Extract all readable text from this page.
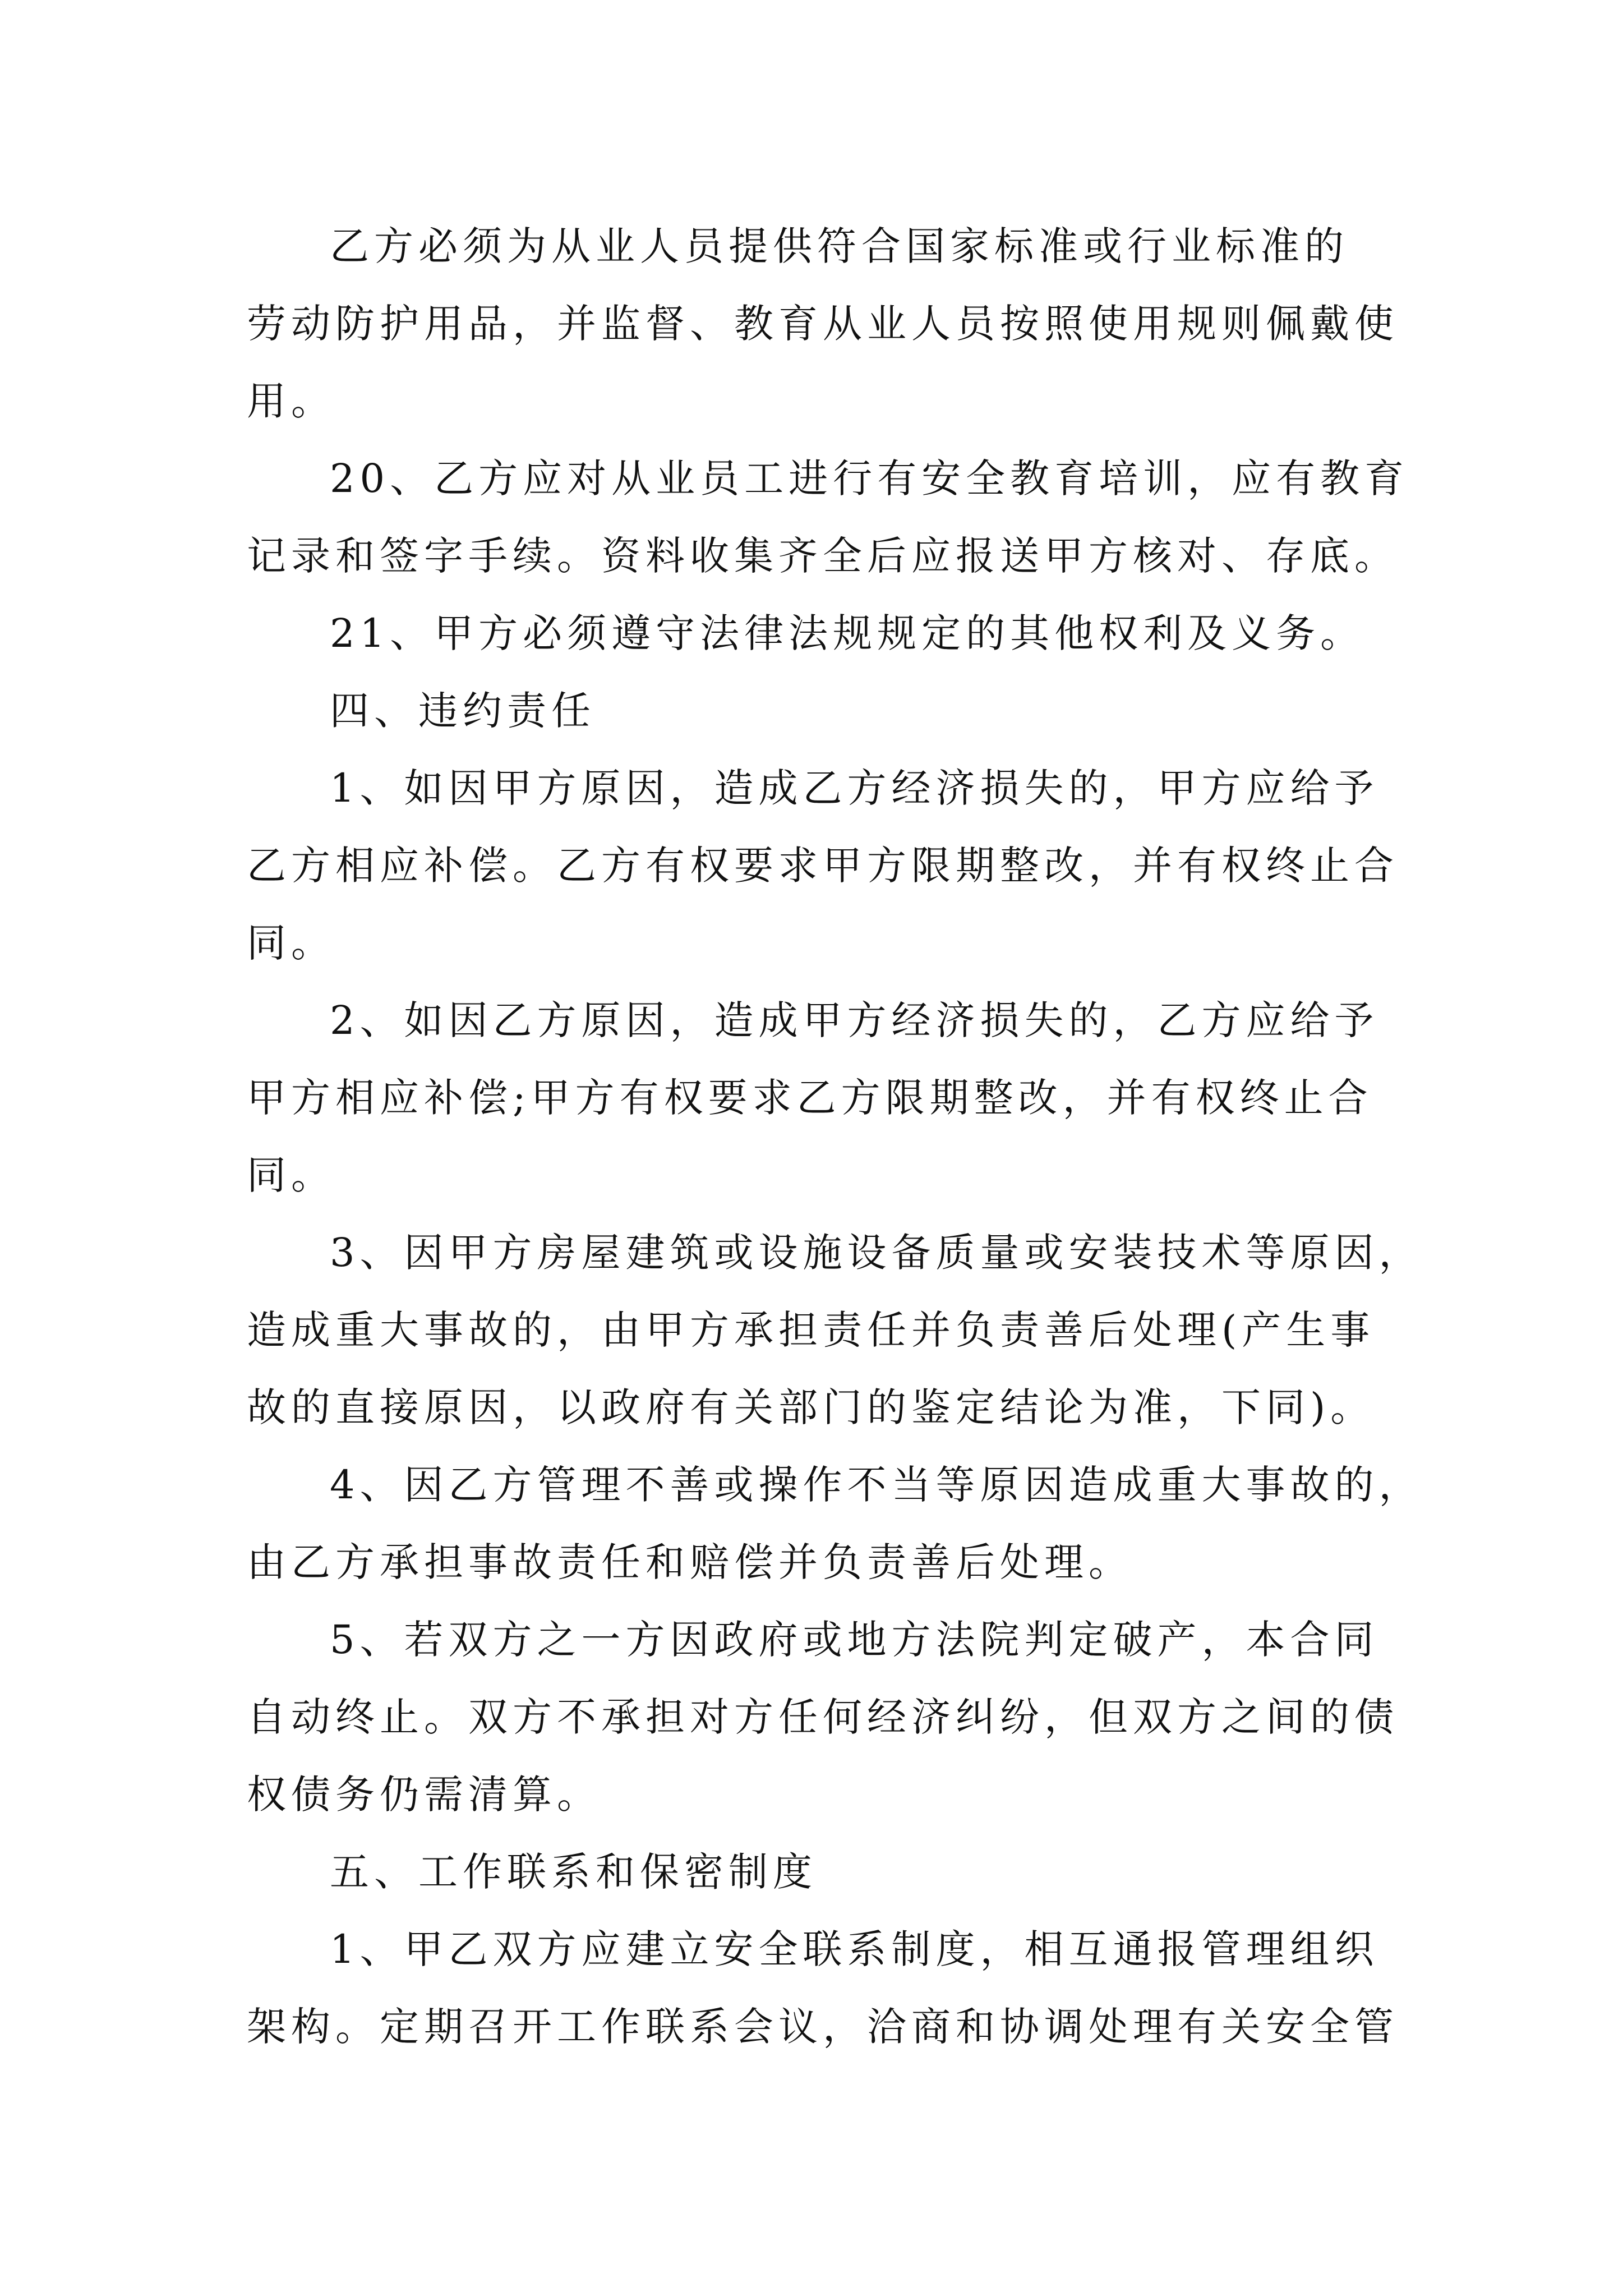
乙方必须为从业人员提供符合国家标准或行业标准的
劳动防护用品，并监督、教育从业人员按照使用规则佩戴使
用。
20、乙方应对从业员工进行有安全教育培训，应有教育
记录和签字手续。资料收集齐全后应报送甲方核对、存底。
21、甲方必须遵守法律法规规定的其他权利及义务。
四、违约责任
1、如因甲方原因，造成乙方经济损失的，甲方应给予
乙方相应补偿。乙方有权要求甲方限期整改，并有权终止合
同。
2、如因乙方原因，造成甲方经济损失的，乙方应给予
甲方相应补偿;甲方有权要求乙方限期整改，并有权终止合
同。
3、因甲方房屋建筑或设施设备质量或安装技术等原因，
造成重大事故的，由甲方承担责任并负责善后处理(产生事
故的直接原因，以政府有关部门的鉴定结论为准，下同)。
4、因乙方管理不善或操作不当等原因造成重大事故的，
由乙方承担事故责任和赔偿并负责善后处理。
5、若双方之一方因政府或地方法院判定破产，本合同
自动终止。双方不承担对方任何经济纠纷，但双方之间的债
权债务仍需清算。
五、工作联系和保密制度
1、甲乙双方应建立安全联系制度，相互通报管理组织
架构。定期召开工作联系会议，洽商和协调处理有关安全管
